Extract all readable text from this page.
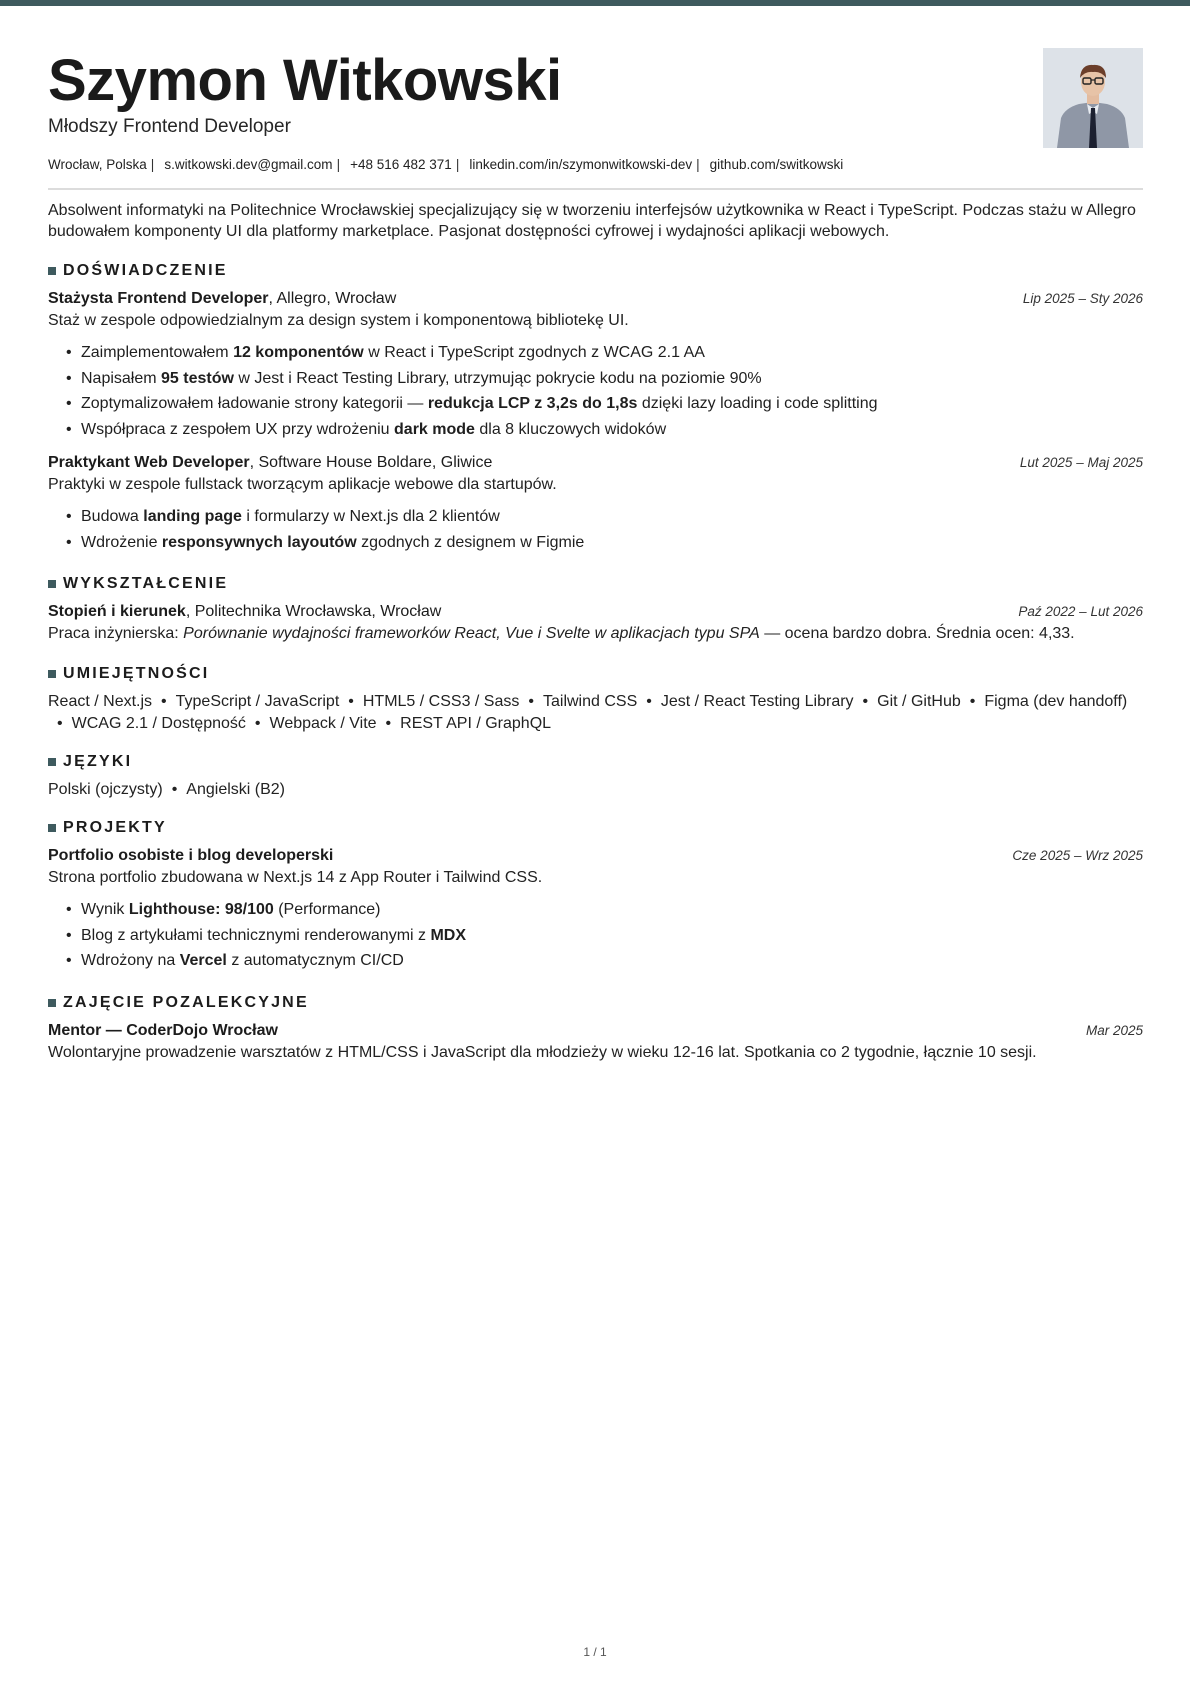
Szymon Witkowski
Młodszy Frontend Developer
Wrocław, Polska | s.witkowski.dev@gmail.com | +48 516 482 371 | linkedin.com/in/szymonwitkowski-dev | github.com/switkowski

Absolwent informatyki na Politechnice Wrocławskiej specjalizujący się w tworzeniu interfejsów użytkownika w React i TypeScript. Podczas stażu w Allegro budowałem komponenty UI dla platformy marketplace. Pasjonat dostępności cyfrowej i wydajności aplikacji webowych.

DOŚWIADCZENIE
Stażysta Frontend Developer, Allegro, Wrocław	Lip 2025 – Sty 2026
Staż w zespole odpowiedzialnym za design system i komponentową bibliotekę UI.
• Zaimplementowałem 12 komponentów w React i TypeScript zgodnych z WCAG 2.1 AA
• Napisałem 95 testów w Jest i React Testing Library, utrzymując pokrycie kodu na poziomie 90%
• Zoptymalizowałem ładowanie strony kategorii — redukcja LCP z 3,2s do 1,8s dzięki lazy loading i code splitting
• Współpraca z zespołem UX przy wdrożeniu dark mode dla 8 kluczowych widoków
Praktykant Web Developer, Software House Boldare, Gliwice	Lut 2025 – Maj 2025
Praktyki w zespole fullstack tworzącym aplikacje webowe dla startupów.
• Budowa landing page i formularzy w Next.js dla 2 klientów
• Wdrożenie responsywnych layoutów zgodnych z designem w Figmie
WYKSZTAŁCENIE
Stopień i kierunek, Politechnika Wrocławska, Wrocław	Paź 2022 – Lut 2026
Praca inżynierska: Porównanie wydajności frameworków React, Vue i Svelte w aplikacjach typu SPA — ocena bardzo dobra. Średnia ocen: 4,33.
UMIEJĘTNOŚCI
React / Next.js • TypeScript / JavaScript • HTML5 / CSS3 / Sass • Tailwind CSS • Jest / React Testing Library • Git / GitHub • Figma (dev handoff)• WCAG 2.1 / Dostępność • Webpack / Vite • REST API / GraphQL
JĘZYKI
Polski (ojczysty) • Angielski (B2)
PROJEKTY
Portfolio osobiste i blog developerski	Cze 2025 – Wrz 2025
Strona portfolio zbudowana w Next.js 14 z App Router i Tailwind CSS.
• Wynik Lighthouse: 98/100 (Performance)
• Blog z artykułami technicznymi renderowanymi z MDX
• Wdrożony na Vercel z automatycznym CI/CD
ZAJĘCIE POZALEKCYJNE
Mentor — CoderDojo Wrocław	Mar 2025
Wolontaryjne prowadzenie warsztatów z HTML/CSS i JavaScript dla młodzieży w wieku 12-16 lat. Spotkania co 2 tygodnie, łącznie 10 sesji.
1 / 1
